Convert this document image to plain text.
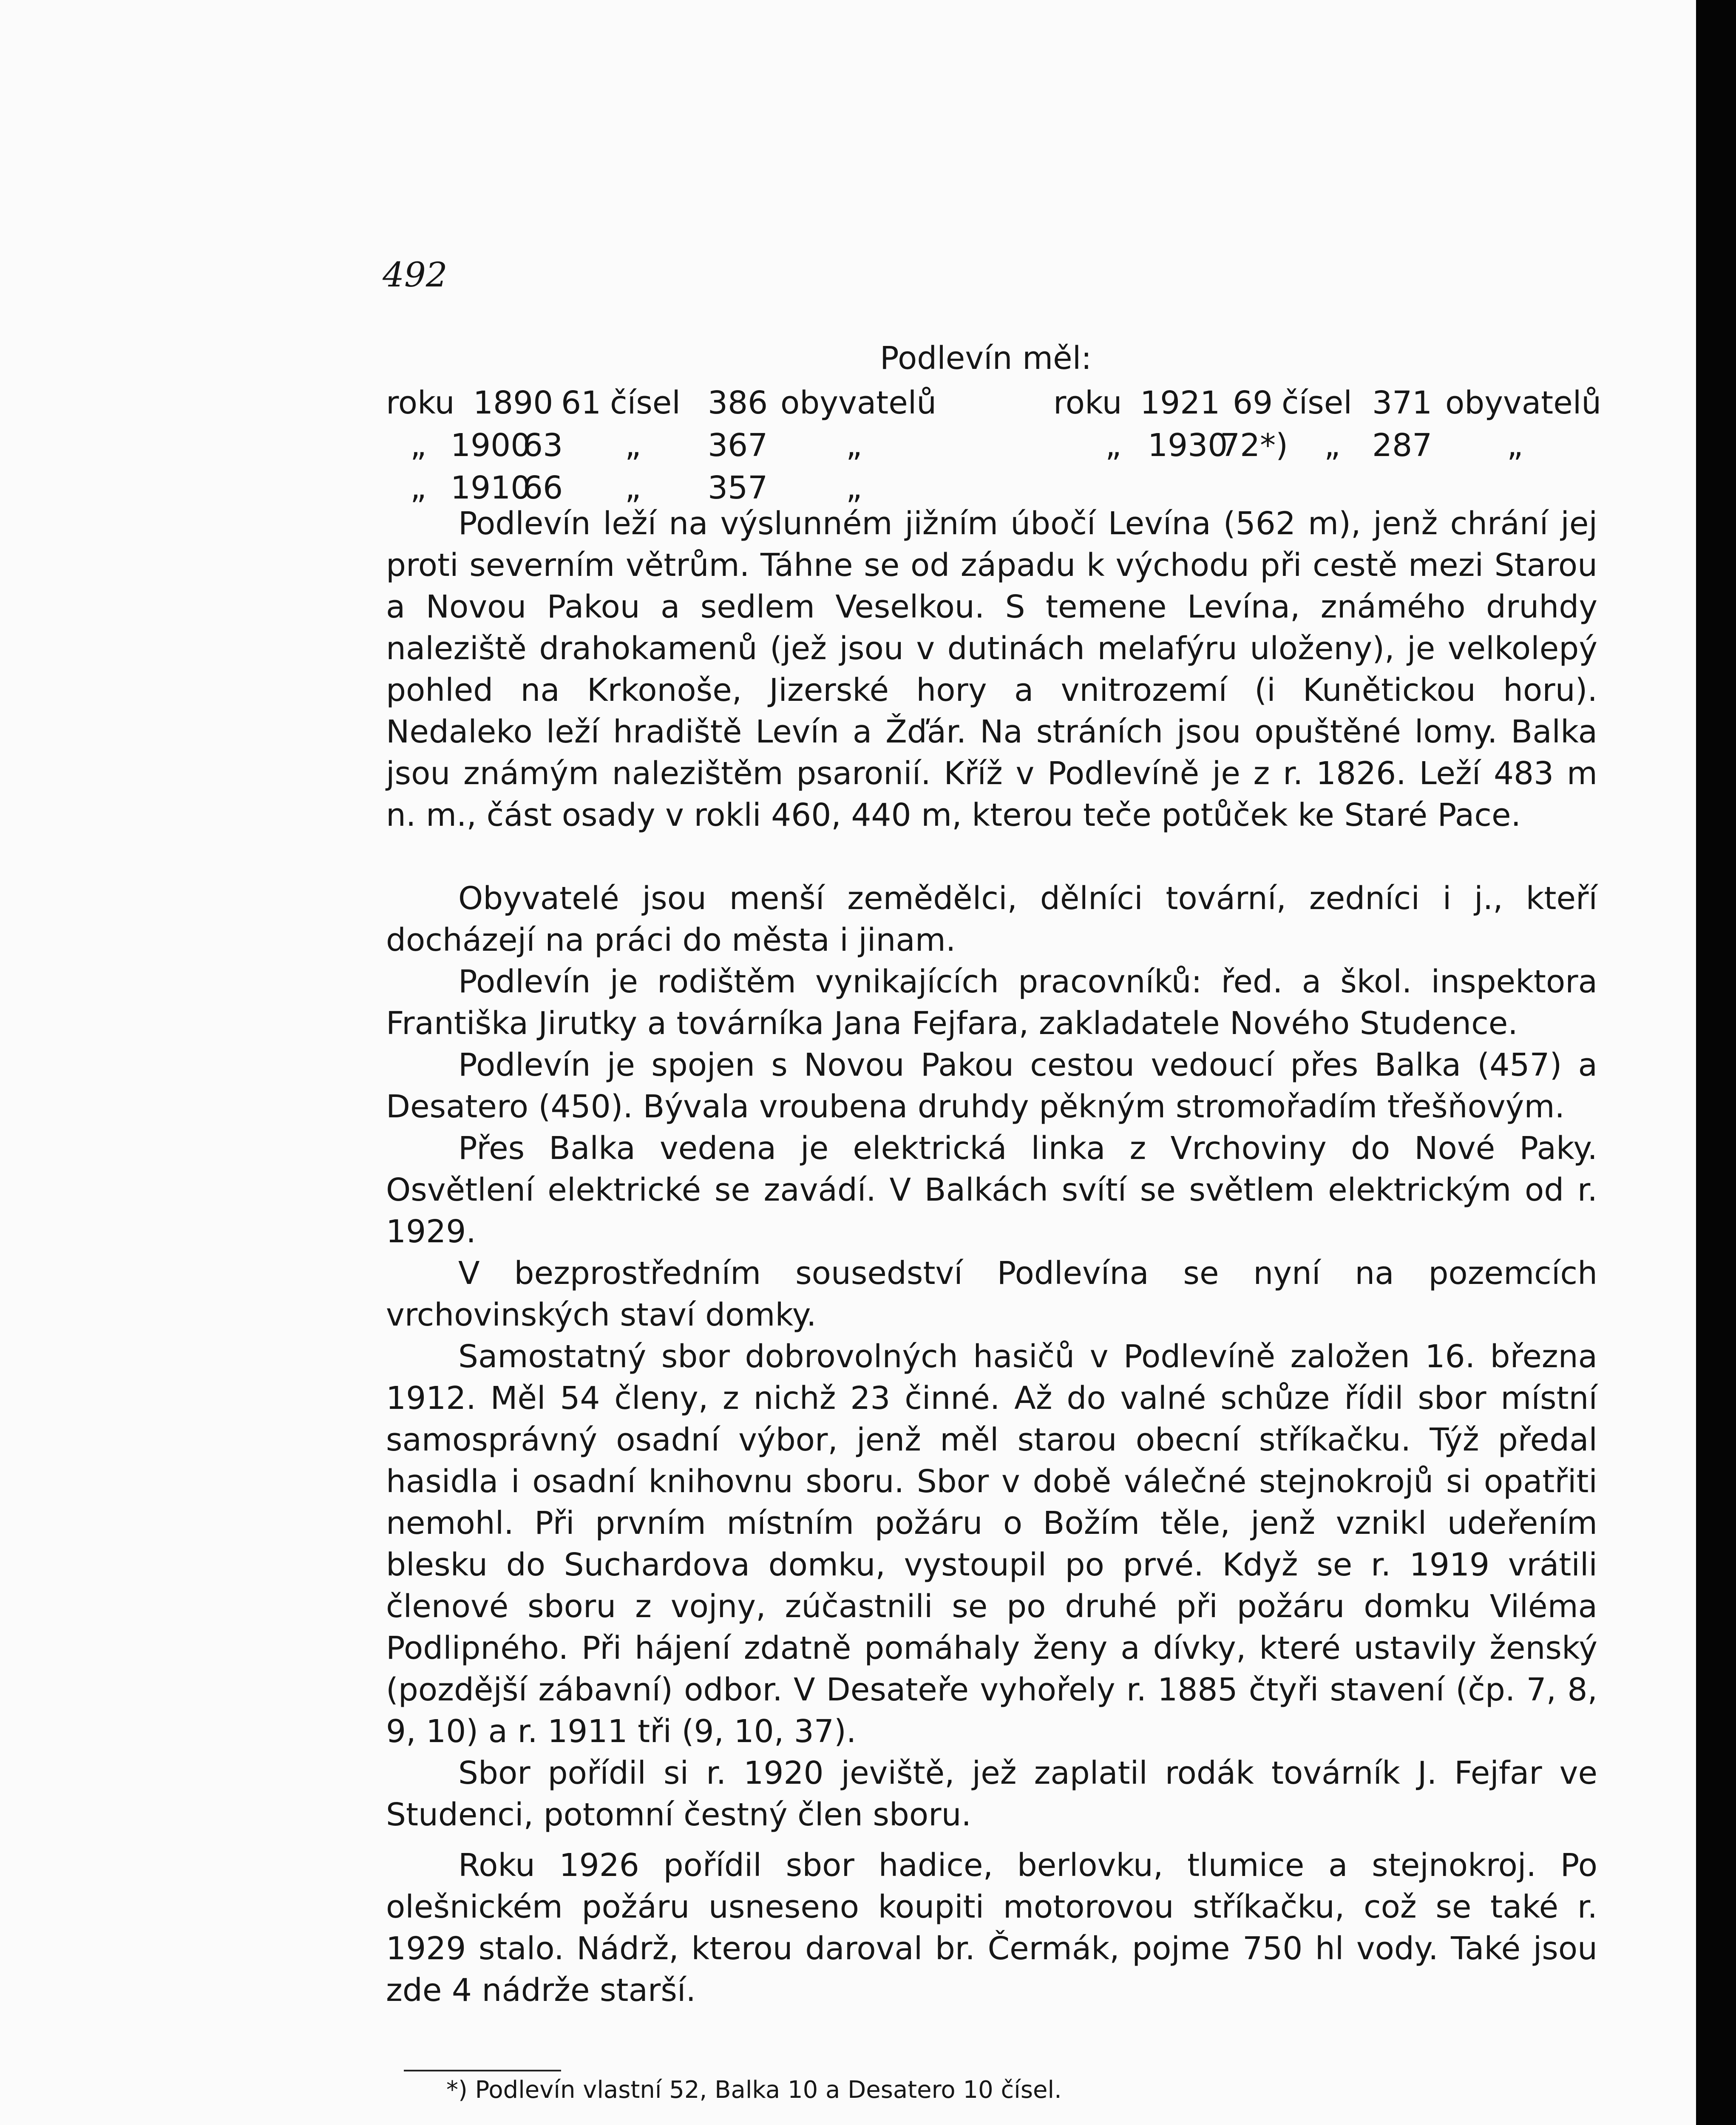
492
Podlevín měl:
roku 1890 61 čísel 386 obyvatelů
„ 1900
63 „ 367 „
„ 1910
66 „ 357 „
roku 1921 69 čísel 371 obyvatelů
„ 1930
72*) „ 287 „

Podlevín leží na výslunném jižním úbočí Levína (562 m), jenž chrání jej proti severním větrům. Táhne se od západu k východu při cestě mezi Starou a Novou Pakou a sedlem Veselkou. S temene Levína, známého druhdy naleziště drahokamenů (jež jsou v dutinách melafýru uloženy), je velkolepý pohled na Krkonoše, Jizerské hory a vnitrozemí (i Kunětickou horu). Nedaleko leží hradiště Levín a Žďár. Na stráních jsou opuštěné lomy. Balka jsou známým nalezištěm psaronií. Kříž v Podlevíně je z r. 1826. Leží 483 m n. m., část osady v rokli 460, 440 m, kterou teče potůček ke Staré Pace.

Obyvatelé jsou menší zemědělci, dělníci tovární, zedníci i j., kteří docházejí na práci do města i jinam.

Podlevín je rodištěm vynikajících pracovníků: řed. a škol. inspektora Františka Jirutky a továrníka Jana Fejfara, zakladatele Nového Studence.

Podlevín je spojen s Novou Pakou cestou vedoucí přes Balka (457) a Desatero (450). Bývala vroubena druhdy pěkným stromořadím třešňovým.

Přes Balka vedena je elektrická linka z Vrchoviny do Nové Paky. Osvětlení elektrické se zavádí. V Balkách svítí se světlem elektrickým od r. 1929.

V bezprostředním sousedství Podlevína se nyní na pozemcích vrchovinských staví domky.

Samostatný sbor dobrovolných hasičů v Podlevíně založen 16. března 1912. Měl 54 členy, z nichž 23 činné. Až do valné schůze řídil sbor místní samosprávný osadní výbor, jenž měl starou obecní stříkačku. Týž předal hasidla i osadní knihovnu sboru. Sbor v době válečné stejnokrojů si opatřiti nemohl. Při prvním místním požáru o Božím těle, jenž vznikl udeřením blesku do Suchardova domku, vystoupil po prvé. Když se r. 1919 vrátili členové sboru z vojny, zúčastnili se po druhé při požáru domku Viléma Podlipného. Při hájení zdatně pomáhaly ženy a dívky, které ustavily ženský (pozdější zábavní) odbor. V Desateře vyhořely r. 1885 čtyři stavení (čp. 7, 8, 9, 10) a r. 1911 tři (9, 10, 37).

Sbor pořídil si r. 1920 jeviště, jež zaplatil rodák továrník J. Fejfar ve Studenci, potomní čestný člen sboru.

Roku 1926 pořídil sbor hadice, berlovku, tlumice a stejnokroj. Po olešnickém požáru usneseno koupiti motorovou stříkačku, což se také r. 1929 stalo. Nádrž, kterou daroval br. Čermák, pojme 750 hl vody. Také jsou zde 4 nádrže starší.

*) Podlevín vlastní 52, Balka 10 a Desatero 10 čísel.
